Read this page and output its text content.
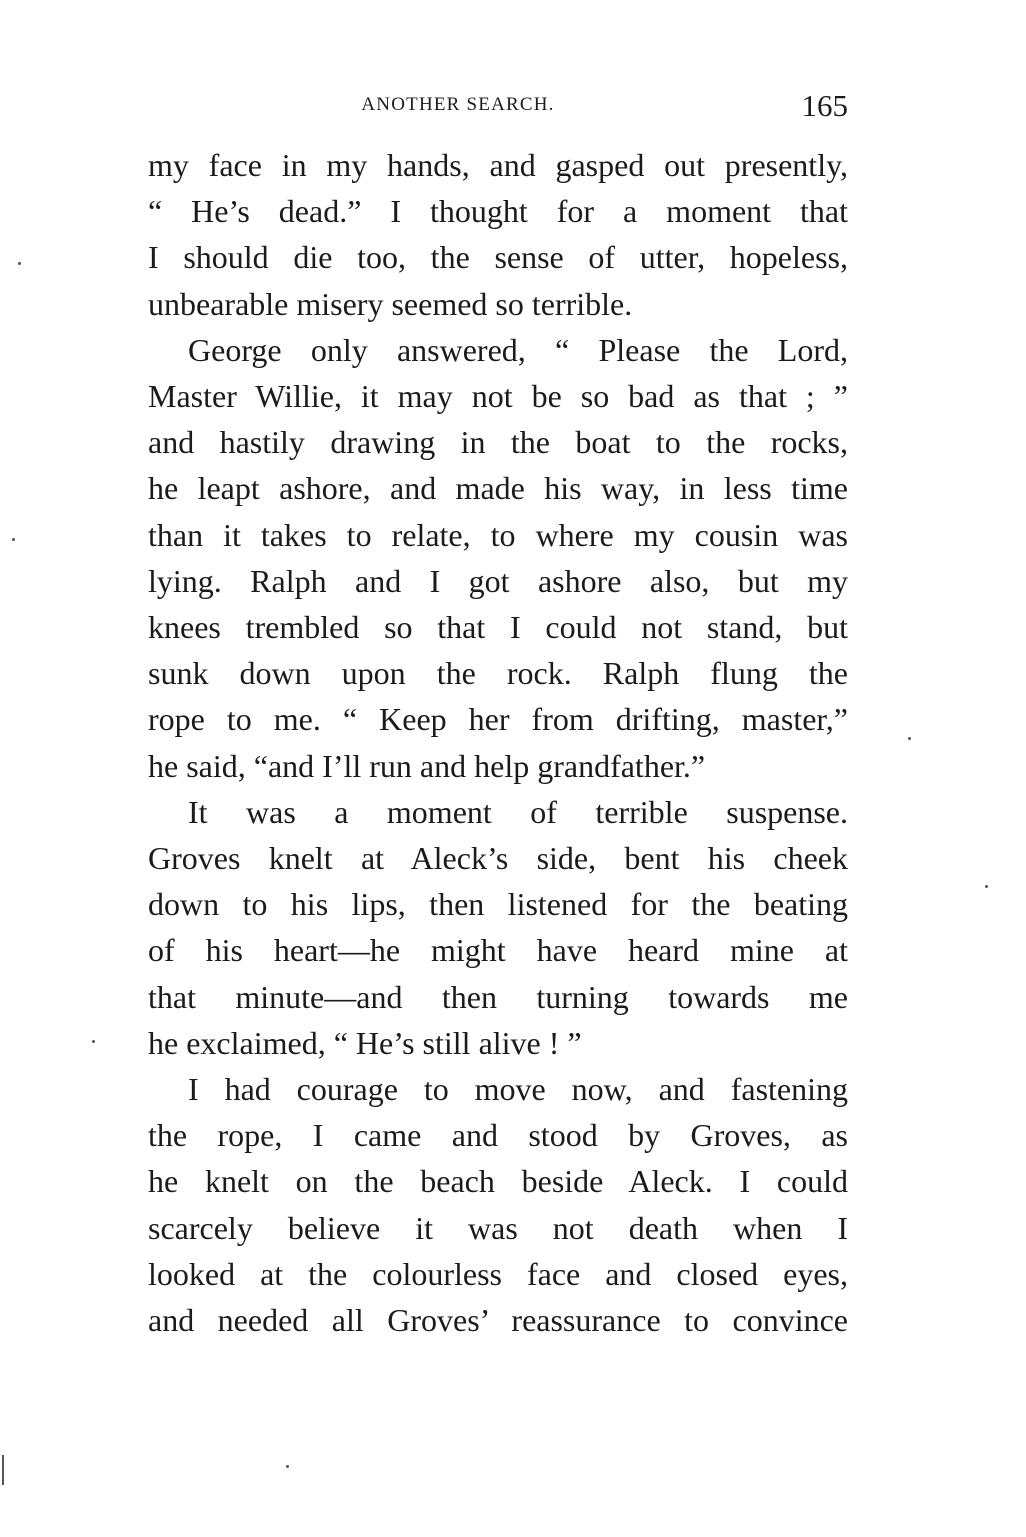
ANOTHER SEARCH.	165
my face in my hands, and gasped out presently,
“ He’s dead.” I thought for a moment that
I should die too, the sense of utter, hopeless,
unbearable misery seemed so terrible.
George only answered, “ Please the Lord,
Master Willie, it may not be so bad as that ; ”
and hastily drawing in the boat to the rocks,
he leapt ashore, and made his way, in less time
than it takes to relate, to where my cousin was
lying. Ralph and I got ashore also, but my
knees trembled so that I could not stand, but
sunk down upon the rock. Ralph flung the
rope to me. “ Keep her from drifting, master,”
he said, “and I’ll run and help grandfather.”
It was a moment of terrible suspense.
Groves knelt at Aleck’s side, bent his cheek
down to his lips, then listened for the beating
of his heart—he might have heard mine at
that minute—and then turning towards me
he exclaimed, “ He’s still alive ! ”
I had courage to move now, and fastening
the rope, I came and stood by Groves, as
he knelt on the beach beside Aleck. I could
scarcely believe it was not death when I
looked at the colourless face and closed eyes,
and needed all Groves’ reassurance to convince
